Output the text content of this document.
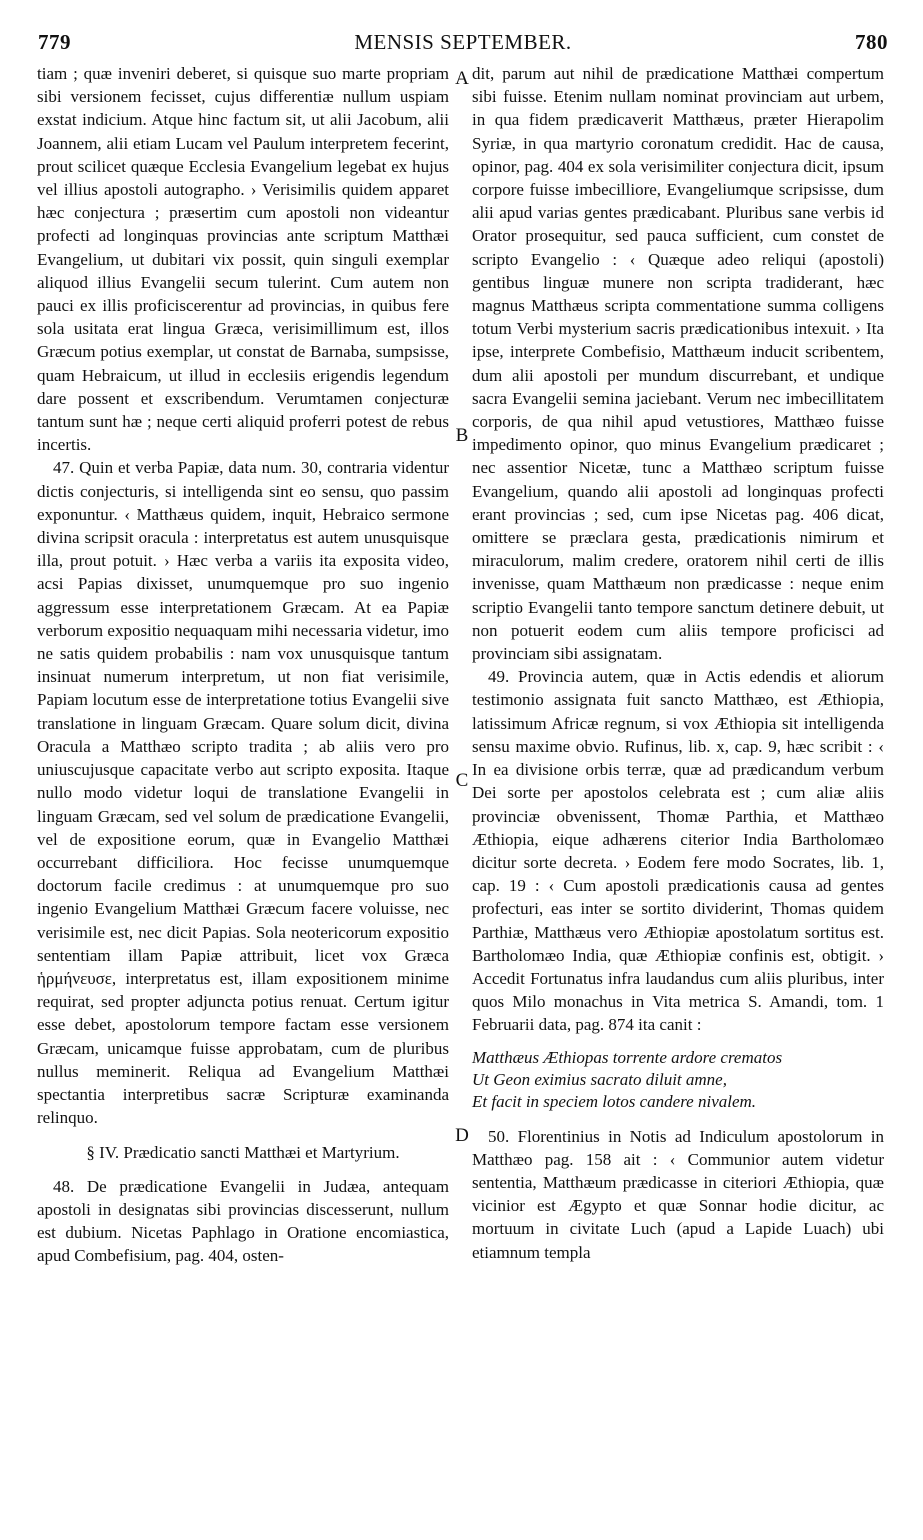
779	MENSIS SEPTEMBER.	780

tiam ; quæ inveniri deberet, si quisque suo marte propriam sibi versionem fecisset, cujus differentiæ nullum uspiam exstat indicium. Atque hinc factum sit, ut alii Jacobum, alii Joannem, alii etiam Lucam vel Paulum interpretem fecerint, prout scilicet quæque Ecclesia Evangelium legebat ex hujus vel illius apostoli autographo. › Verisimilis quidem apparet hæc conjectura ; præsertim cum apostoli non videantur profecti ad longinquas provincias ante scriptum Matthæi Evangelium, ut dubitari vix possit, quin singuli exemplar aliquod illius Evangelii secum tulerint. Cum autem non pauci ex illis proficiscerentur ad provincias, in quibus fere sola usitata erat lingua Græca, verisimillimum est, illos Græcum potius exemplar, ut constat de Barnaba, sumpsisse, quam Hebraicum, ut illud in ecclesiis erigendis legendum dare possent et exscribendum. Verumtamen conjecturæ tantum sunt hæ ; neque certi aliquid proferri potest de rebus incertis.

47. Quin et verba Papiæ, data num. 30, contraria videntur dictis conjecturis, si intelligenda sint eo sensu, quo passim exponuntur. ‹ Matthæus quidem, inquit, Hebraico sermone divina scripsit oracula : interpretatus est autem unusquisque illa, prout potuit. › Hæc verba a variis ita exposita video, acsi Papias dixisset, unumquemque pro suo ingenio aggressum esse interpretationem Græcam. At ea Papiæ verborum expositio nequaquam mihi necessaria videtur, imo ne satis quidem probabilis : nam vox unusquisque tantum insinuat numerum interpretum, ut non fiat verisimile, Papiam locutum esse de interpretatione totius Evangelii sive translatione in linguam Græcam. Quare solum dicit, divina Oracula a Matthæo scripto tradita ; ab aliis vero pro uniuscujusque capacitate verbo aut scripto exposita. Itaque nullo modo videtur loqui de translatione Evangelii in linguam Græcam, sed vel solum de prædicatione Evangelii, vel de expositione eorum, quæ in Evangelio Matthæi occurrebant difficiliora. Hoc fecisse unumquemque doctorum facile credimus : at unumquemque pro suo ingenio Evangelium Matthæi Græcum facere voluisse, nec verisimile est, nec dicit Papias. Sola neotericorum expositio sententiam illam Papiæ attribuit, licet vox Græca ἡρμήνευσε, interpretatus est, illam expositionem minime requirat, sed propter adjuncta potius renuat. Certum igitur esse debet, apostolorum tempore factam esse versionem Græcam, unicamque fuisse approbatam, cum de pluribus nullus meminerit. Reliqua ad Evangelium Matthæi spectantia interpretibus sacræ Scripturæ examinanda relinquo.

§ IV. Prædicatio sancti Matthæi et Martyrium.

48. De prædicatione Evangelii in Judæa, antequam apostoli in designatas sibi provincias discesserunt, nullum est dubium. Nicetas Paphlago in Oratione encomiastica, apud Combefisium, pag. 404, osten-

A
B
C
D

dit, parum aut nihil de prædicatione Matthæi compertum sibi fuisse. Etenim nullam nominat provinciam aut urbem, in qua fidem prædicaverit Matthæus, præter Hierapolim Syriæ, in qua martyrio coronatum credidit. Hac de causa, opinor, pag. 404 ex sola verisimiliter conjectura dicit, ipsum corpore fuisse imbecilliore, Evangeliumque scripsisse, dum alii apud varias gentes prædicabant. Pluribus sane verbis id Orator prosequitur, sed pauca sufficient, cum constet de scripto Evangelio : ‹ Quæque adeo reliqui (apostoli) gentibus linguæ munere non scripta tradiderant, hæc magnus Matthæus scripta commentatione summa colligens totum Verbi mysterium sacris prædicationibus intexuit. › Ita ipse, interprete Combefisio, Matthæum inducit scribentem, dum alii apostoli per mundum discurrebant, et undique sacra Evangelii semina jaciebant. Verum nec imbecillitatem corporis, de qua nihil apud vetustiores, Matthæo fuisse impedimento opinor, quo minus Evangelium prædicaret ; nec assentior Nicetæ, tunc a Matthæo scriptum fuisse Evangelium, quando alii apostoli ad longinquas profecti erant provincias ; sed, cum ipse Nicetas pag. 406 dicat, omittere se præclara gesta, prædicationis nimirum et miraculorum, malim credere, oratorem nihil certi de illis invenisse, quam Matthæum non prædicasse : neque enim scriptio Evangelii tanto tempore sanctum detinere debuit, ut non potuerit eodem cum aliis tempore proficisci ad provinciam sibi assignatam.

49. Provincia autem, quæ in Actis edendis et aliorum testimonio assignata fuit sancto Matthæo, est Æthiopia, latissimum Africæ regnum, si vox Æthiopia sit intelligenda sensu maxime obvio. Rufinus, lib. x, cap. 9, hæc scribit : ‹ In ea divisione orbis terræ, quæ ad prædicandum verbum Dei sorte per apostolos celebrata est ; cum aliæ aliis provinciæ obvenissent, Thomæ Parthia, et Matthæo Æthiopia, eique adhærens citerior India Bartholomæo dicitur sorte decreta. › Eodem fere modo Socrates, lib. 1, cap. 19 : ‹ Cum apostoli prædicationis causa ad gentes profecturi, eas inter se sortito dividerint, Thomas quidem Parthiæ, Matthæus vero Æthiopiæ apostolatum sortitus est. Bartholomæo India, quæ Æthiopiæ confinis est, obtigit. › Accedit Fortunatus infra laudandus cum aliis pluribus, inter quos Milo monachus in Vita metrica S. Amandi, tom. 1 Februarii data, pag. 874 ita canit :

Matthæus Æthiopas torrente ardore crematos
Ut Geon eximius sacrato diluit amne,
Et facit in speciem lotos candere nivalem.

50. Florentinius in Notis ad Indiculum apostolorum in Matthæo pag. 158 ait : ‹ Communior autem videtur sententia, Matthæum prædicasse in citeriori Æthiopia, quæ vicinior est Ægypto et quæ Sonnar hodie dicitur, ac mortuum in civitate Luch (apud a Lapide Luach) ubi etiamnum templa
